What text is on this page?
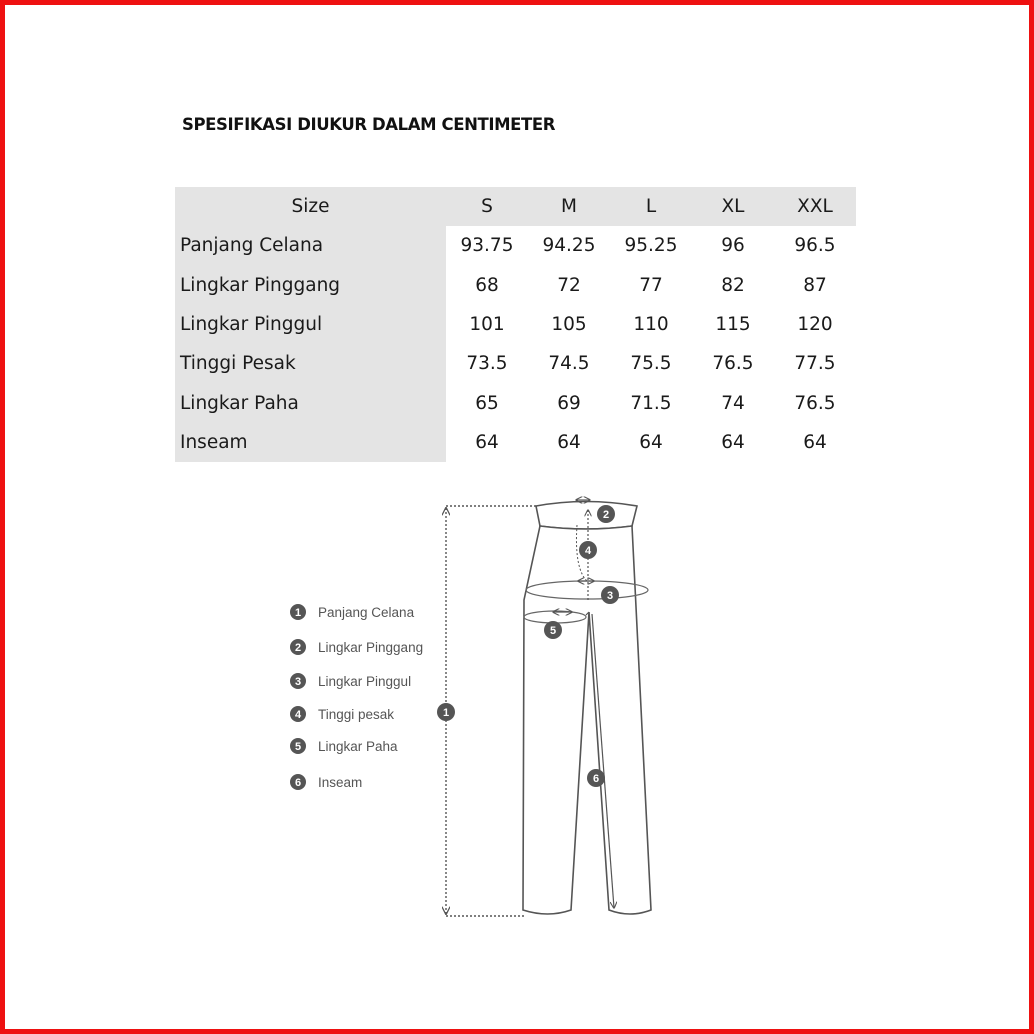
SPESIFIKASI DIUKUR DALAM CENTIMETER
Size	S	M	L	XL	XXL
Panjang Celana	93.75	94.25	95.25	96	96.5
Lingkar Pinggang	68	72	77	82	87
Lingkar Pinggul	101	105	110	115	120
Tinggi Pesak	73.5	74.5	75.5	76.5	77.5
Lingkar Paha	65	69	71.5	74	76.5
Inseam	64	64	64	64	64
1
2
3
4
5
6
1 Panjang Celana
2 Lingkar Pinggang
3 Lingkar Pinggul
4 Tinggi pesak
5 Lingkar Paha
6 Inseam
